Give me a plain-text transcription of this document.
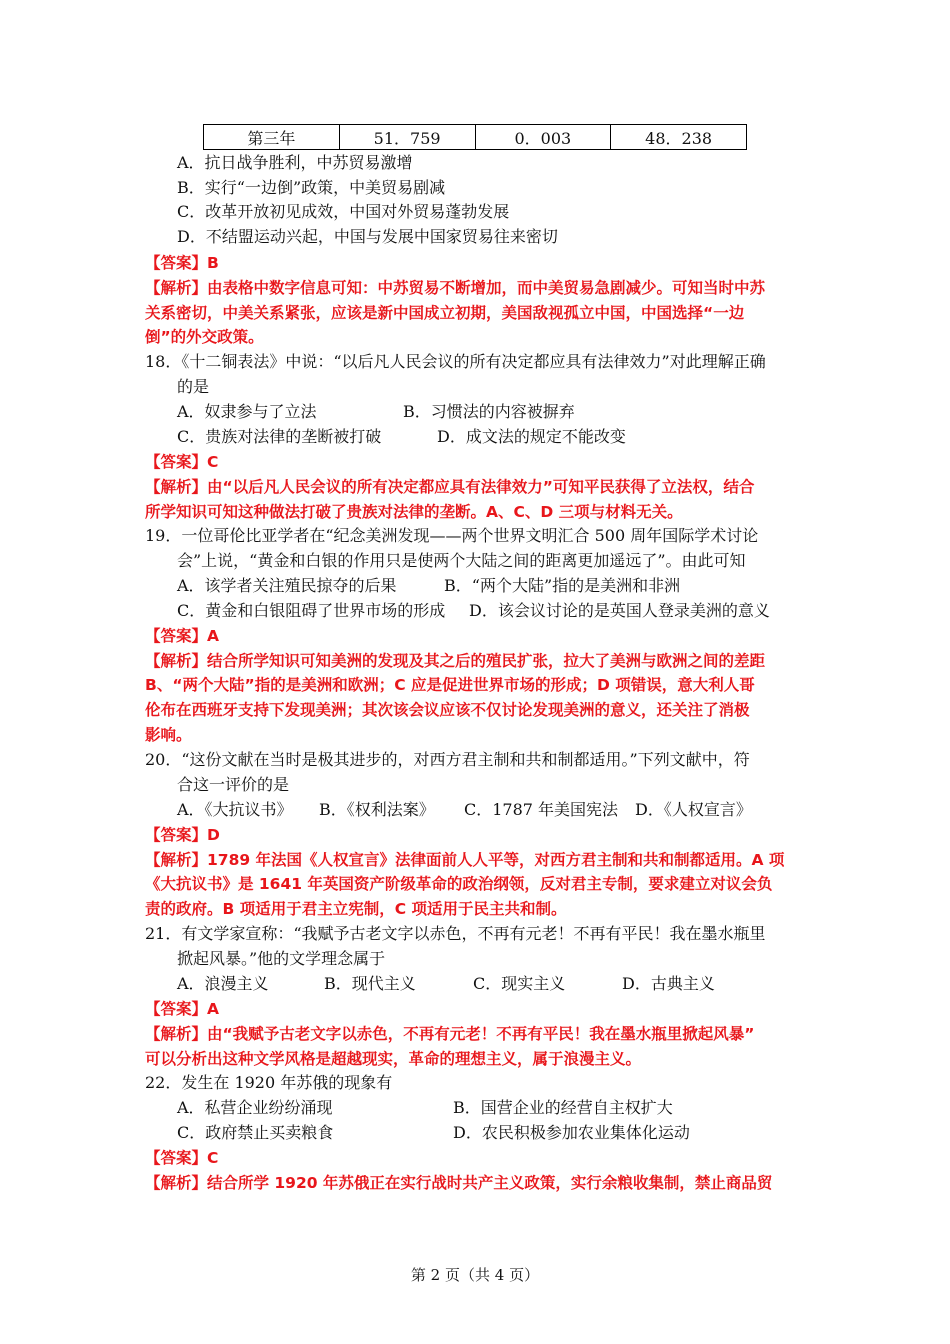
第三年	51．759	0．003	48．238
A．抗日战争胜利，中苏贸易激增
B．实行“一边倒”政策，中美贸易剧减
C．改革开放初见成效，中国对外贸易蓬勃发展
D．不结盟运动兴起，中国与发展中国家贸易往来密切
【答案】B
【解析】由表格中数字信息可知：中苏贸易不断增加，而中美贸易急剧减少。可知当时中苏
关系密切，中美关系紧张，应该是新中国成立初期，美国敌视孤立中国，中国选择“一边
倒”的外交政策。
18．《十二铜表法》中说：“以后凡人民会议的所有决定都应具有法律效力”对此理解正确
的是
A．奴隶参与了立法	B．习惯法的内容被摒弃
C．贵族对法律的垄断被打破	D．成文法的规定不能改变
【答案】C
【解析】由“以后凡人民会议的所有决定都应具有法律效力”可知平民获得了立法权，结合
所学知识可知这种做法打破了贵族对法律的垄断。A、C、D 三项与材料无关。
19．一位哥伦比亚学者在“纪念美洲发现——两个世界文明汇合 500 周年国际学术讨论
会”上说，“黄金和白银的作用只是使两个大陆之间的距离更加遥远了”。由此可知
A．该学者关注殖民掠夺的后果	B．“两个大陆”指的是美洲和非洲
C．黄金和白银阻碍了世界市场的形成 D．该会议讨论的是英国人登录美洲的意义
【答案】A
【解析】结合所学知识可知美洲的发现及其之后的殖民扩张，拉大了美洲与欧洲之间的差距
B、“两个大陆”指的是美洲和欧洲；C 应是促进世界市场的形成；D 项错误，意大利人哥
伦布在西班牙支持下发现美洲；其次该会议应该不仅讨论发现美洲的意义，还关注了消极
影响。
20．“这份文献在当时是极其进步的，对西方君主制和共和制都适用。”下列文献中，符
合这一评价的是
A．《大抗议书》 B．《权利法案》 C．1787 年美国宪法 D．《人权宣言》
【答案】D
【解析】1789 年法国《人权宣言》法律面前人人平等，对西方君主制和共和制都适用。A 项
《大抗议书》是 1641 年英国资产阶级革命的政治纲领，反对君主专制，要求建立对议会负
责的政府。B 项适用于君主立宪制，C 项适用于民主共和制。
21．有文学家宣称：“我赋予古老文字以赤色，不再有元老！不再有平民！我在墨水瓶里
掀起风暴。”他的文学理念属于
A．浪漫主义	B．现代主义	C．现实主义	D．古典主义
【答案】A
【解析】由“我赋予古老文字以赤色，不再有元老！不再有平民！我在墨水瓶里掀起风暴”
可以分析出这种文学风格是超越现实，革命的理想主义，属于浪漫主义。
22．发生在 1920 年苏俄的现象有
A．私营企业纷纷涌现	B．国营企业的经营自主权扩大
C．政府禁止买卖粮食	D．农民积极参加农业集体化运动
【答案】C
【解析】结合所学 1920 年苏俄正在实行战时共产主义政策，实行余粮收集制，禁止商品贸
第 2 页（共 4 页）
